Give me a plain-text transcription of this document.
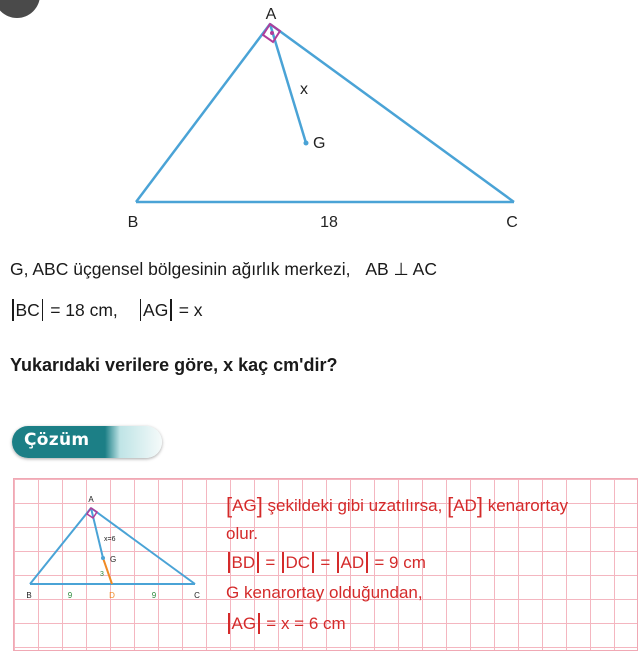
A
B	C
G
x
18
G, ABC üçgensel bölgesinin ağırlık merkezi, AB ⊥ AC
BC = 18 cm, AG = x
Yukarıdaki verilere göre, x kaç cm'dir?
Çözüm
A
B	C
D
G
x=6
3
9	9
[AG] şekildeki gibi uzatılırsa, [AD] kenarortay
olur.
BD = DC = AD = 9 cm
G kenarortay olduğundan,
AG = x = 6 cm
